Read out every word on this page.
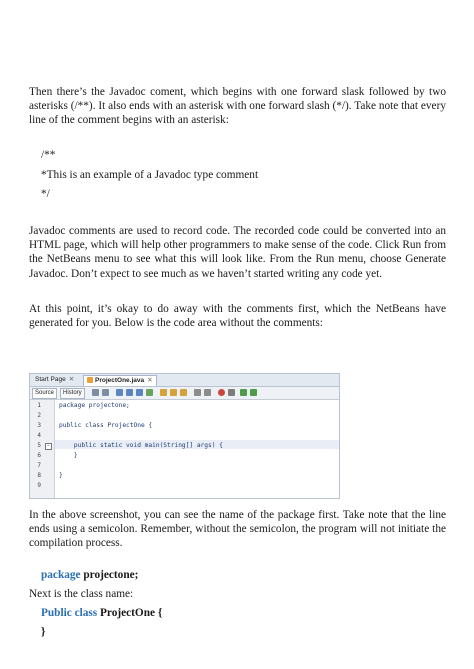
Then there’s the Javadoc coment, which begins with one forward slask followed by two asterisks (/**). It also ends with an asterisk with one forward slash (*/). Take note that every line of the comment begins with an asterisk:

/**

*This is an example of a Javadoc type comment

*/

Javadoc comments are used to record code. The recorded code could be converted into an HTML page, which will help other programmers to make sense of the code. Click Run from the NetBeans menu to see what this will look like. From the Run menu, choose Generate Javadoc. Don’t expect to see much as we haven’t started writing any code yet.

At this point, it’s okay to do away with the comments first, which the NetBeans have generated for you. Below is the code area without the comments:

Start Page ✕	ProjectOne.java ✕
Source	History
1
2
3
4
5
6
7
8
9
−
package projectone;
public class ProjectOne {
public static void main(String[] args) {
}
}

In the above screenshot, you can see the name of the package first. Take note that the line ends using a semicolon. Remember, without the semicolon, the program will not initiate the compilation process.

package projectone;

Next is the class name:

Public class ProjectOne {

}
